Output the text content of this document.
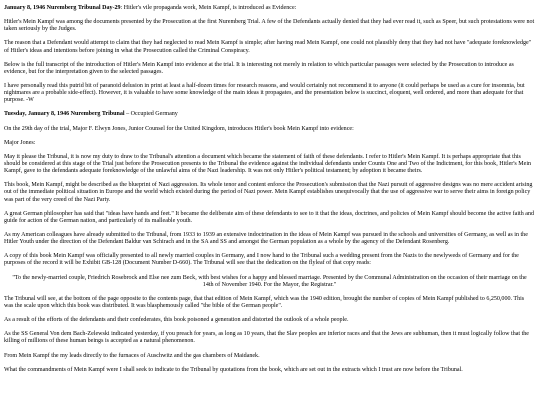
January 8, 1946 Nuremberg Tribunal Day-29: Hitler's vile propaganda work, Mein Kampf, is introduced as Evidence:

Hitler's Mein Kampf was among the documents presented by the Prosecution at the first Nuremberg Trial. A few of the Defendants actually denied that they had ever read it, such as Speer, but such protestations were not taken seriously by the Judges.

The reason that a Defendant would attempt to claim that they had neglected to read Mein Kampf is simple; after having read Mein Kampf, one could not plausibly deny that they had not have "adequate foreknowledge" of Hitler's ideas and intentions before joining in what the Prosecution called the Criminal Conspiracy.

Below is the full transcript of the introduction of Hitler's Mein Kampf into evidence at the trial. It is interesting not merely in relation to which particular passages were selected by the Prosecution to introduce as evidence, but for the interpretation given to the selected passages.

I have personally read this putrid bit of paranoid delusion in print at least a half-dozen times for research reasons, and would certainly not recommend it to anyone (it could perhaps be used as a cure for insomnia, but nightmares are a probable side-effect). However, it is valuable to have some knowledge of the main ideas it propagates, and the presentation below is succinct, eloquent, well ordered, and more than adequate for that purpose. -W

Tuesday, January 8, 1946 Nuremberg Tribunal – Occupied Germany

On the 29th day of the trial, Major F. Elwyn Jones, Junior Counsel for the United Kingdom, introduces Hitler's book Mein Kampf into evidence:

Major Jones:

May it please the Tribunal, it is now my duty to draw to the Tribunal's attention a document which became the statement of faith of these defendants. I refer to Hitler's Mein Kampf. It is perhaps appropriate that this should be considered at this stage of the Trial just before the Prosecution presents to the Tribunal the evidence against the individual defendants under Counts One and Two of the Indictment, for this book, Hitler's Mein Kampf, gave to the defendants adequate foreknowledge of the unlawful aims of the Nazi leadership. It was not only Hitler's political testament; by adoption it became theirs.

This book, Mein Kampf, might be described as the blueprint of Nazi aggression. Its whole tenor and content enforce the Prosecution's submission that the Nazi pursuit of aggressive designs was no mere accident arising out of the immediate political situation in Europe and the world which existed during the period of Nazi power. Mein Kampf establishes unequivocally that the use of aggressive war to serve their aims in foreign policy was part of the very creed of the Nazi Party.

A great German philosopher has said that "ideas have hands and feet." It became the deliberate aim of these defendants to see to it that the ideas, doctrines, and policies of Mein Kampf should become the active faith and guide for action of the German nation, and particularly of its malleable youth.

As my American colleagues have already submitted to the Tribunal, from 1933 to 1939 an extensive indoctrination in the ideas of Mein Kampf was pursued in the schools and universities of Germany, as well as in the Hitler Youth under the direction of the Defendant Baldur van Schirach and in the SA and SS and amongst the German population as a whole by the agency of the Defendant Rosenberg.

A copy of this book Mein Kampf was officially presented to all newly married couples in Germany, and I now hand to the Tribunal such a wedding present from the Nazis to the newlyweds of Germany and for the purposes of the record it will be Exhibit GB-128 (Document Number D-660). The Tribunal will see that the dedication on the flyleaf of that copy reads:

"To the newly-married couple, Friedrich Rosebrock and Else nee zum Beck, with best wishes for a happy and blessed marriage. Presented by the Communal Administration on the occasion of their marriage on the 14th of November 1940. For the Mayor, the Registrar."

The Tribunal will see, at the bottom of the page opposite to the contents page, that that edition of Mein Kampf, which was the 1940 edition, brought the number of copies of Mein Kampf published to 6,250,000. This was the scale upon which this book was distributed. It was blasphemously called "the bible of the German people".

As a result of the efforts of the defendants and their confederates, this book poisoned a generation and distorted the outlook of a whole people.

As the SS General Von dem Bach-Zelewski indicated yesterday, if you preach for years, as long as 10 years, that the Slav peoples are inferior races and that the Jews are subhuman, then it must logically follow that the killing of millions of these human beings is accepted as a natural phenomenon.

From Mein Kampf the my leads directly to the furnaces of Auschwitz and the gas chambers of Maidanek.

What the commandments of Mein Kampf were I shall seek to indicate to the Tribunal by quotations from the book, which are set out in the extracts which I trust are now before the Tribunal.
